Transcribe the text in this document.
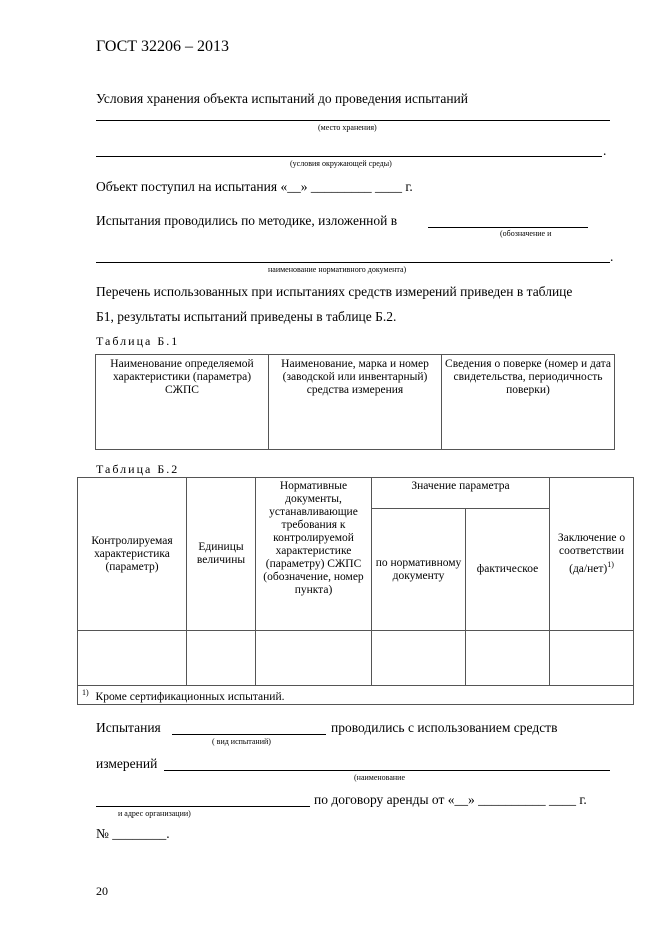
ГОСТ 32206 – 2013
Условия хранения объекта испытаний до проведения испытаний
(место хранения)
.
(условия окружающей среды)
Объект поступил на испытания «__» _________ ____ г.
Испытания проводились по методике, изложенной в
(обозначение и
.
наименование нормативного документа)
Перечень использованных при испытаниях средств измерений приведен в таблице
Б1, результаты испытаний приведены в таблице Б.2.
Таблица Б.1
Наименование определяемой характеристики (параметра) СЖПС	Наименование, марка и номер (заводской или инвентарный) средства измерения	Сведения о поверке (номер и дата свидетельства, периодичность поверки)
Таблица Б.2
Контролируемая характеристика (параметр)	Единицы величины	Нормативные документы, устанавливающие требования к контролируемой характеристике (параметру) СЖПС (обозначение, номер пункта)	Значение параметра		Заключение о соответствии $(да/нет)^{1)}$
			по нормативному документу	фактическое	

$^{1)}$ Кроме сертификационных испытаний.					
Испытания	проводились с использованием средств
( вид испытаний)
измерений
(наименование
и адрес организации)
по договору аренды от «__» __________ ____ г.
№ ________.
20
